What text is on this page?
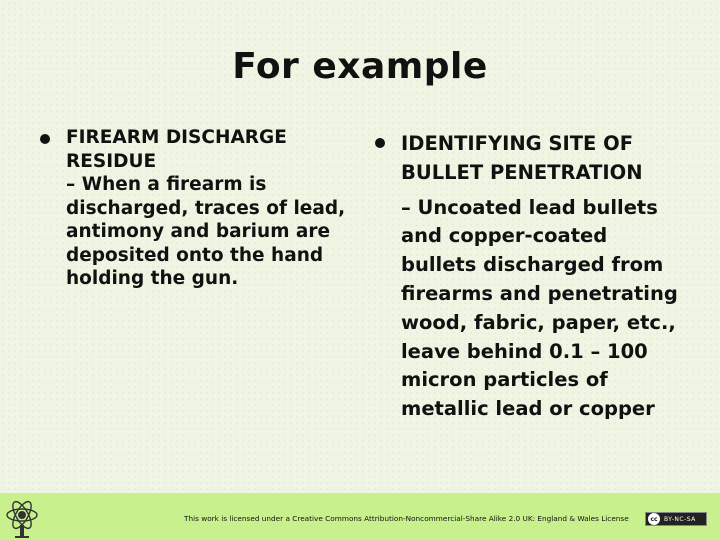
For example
FIREARM DISCHARGE
RESIDUE
– When a firearm is discharged, traces of lead, antimony and barium are deposited onto the hand holding the gun.
IDENTIFYING SITE OF
BULLET PENETRATION
– Uncoated lead bullets and copper-coated bullets discharged from firearms and penetrating wood, fabric, paper, etc., leave behind 0.1 – 100 micron particles of metallic lead or copper
This work is licensed under a Creative Commons Attribution-Noncommercial-Share Alike 2.0 UK: England & Wales License	cc	BY-NC-SA
